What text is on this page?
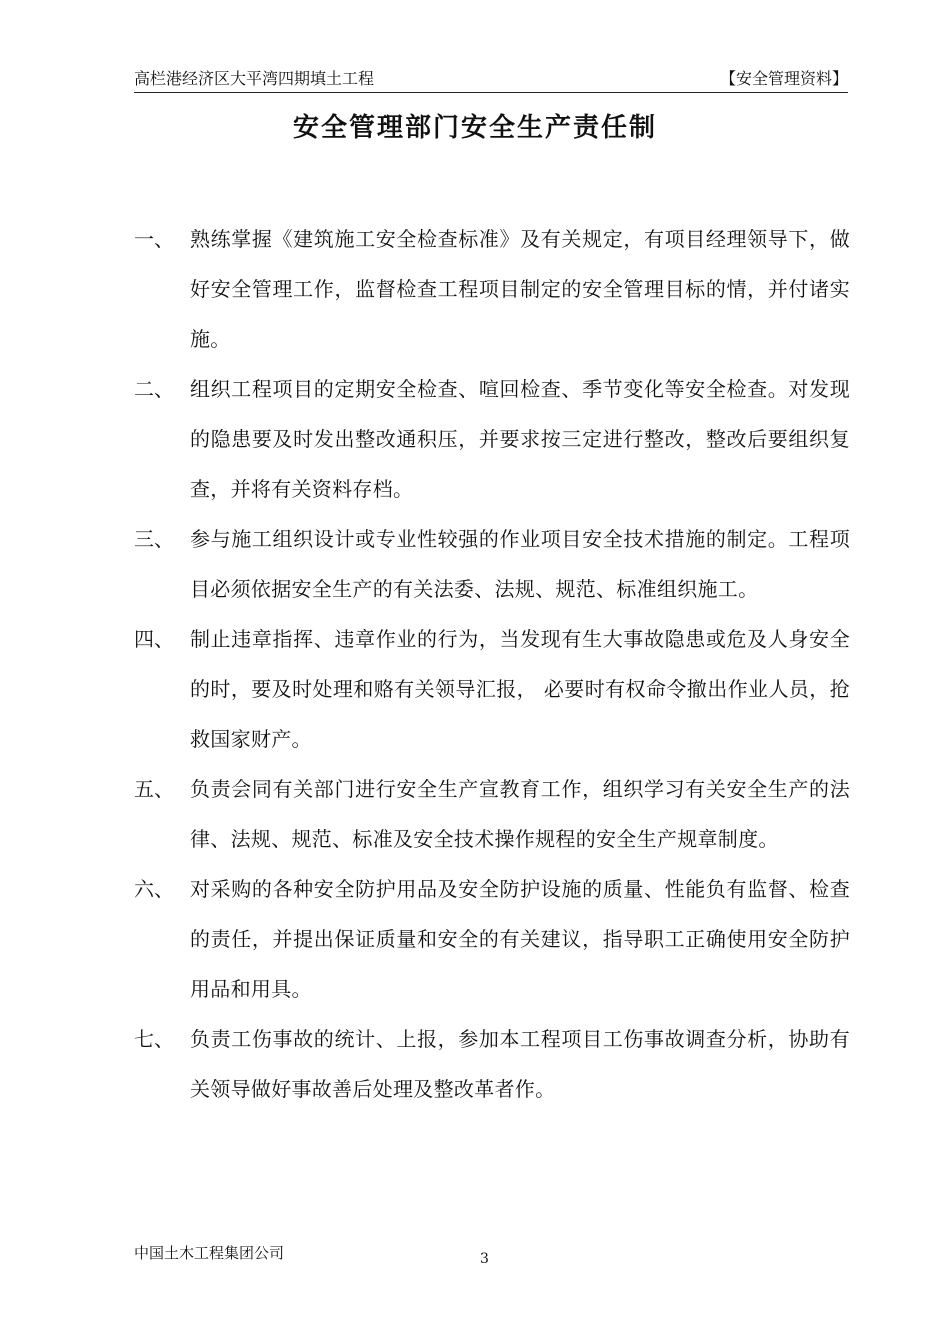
高栏港经济区大平湾四期填土工程	【安全管理资料】
安全管理部门安全生产责任制
一、 熟练掌握《建筑施工安全检查标准》及有关规定，有项目经理领导下，做好安全管理工作，监督检查工程项目制定的安全管理目标的情，并付诸实施。
二、 组织工程项目的定期安全检查、喧回检查、季节变化等安全检查。对发现的隐患要及时发出整改通积压，并要求按三定进行整改，整改后要组织复查，并将有关资料存档。
三、 参与施工组织设计或专业性较强的作业项目安全技术措施的制定。工程项目必须依据安全生产的有关法委、法规、规范、标准组织施工。
四、 制止违章指挥、违章作业的行为，当发现有生大事故隐患或危及人身安全的时，要及时处理和赂有关领导汇报， 必要时有权命令撤出作业人员，抢救国家财产。
五、 负责会同有关部门进行安全生产宣教育工作，组织学习有关安全生产的法律、法规、规范、标准及安全技术操作规程的安全生产规章制度。
六、 对采购的各种安全防护用品及安全防护设施的质量、性能负有监督、检查的责任，并提出保证质量和安全的有关建议，指导职工正确使用安全防护用品和用具。
七、 负责工伤事故的统计、上报，参加本工程项目工伤事故调查分析，协助有关领导做好事故善后处理及整改革者作。
中国土木工程集团公司	3
